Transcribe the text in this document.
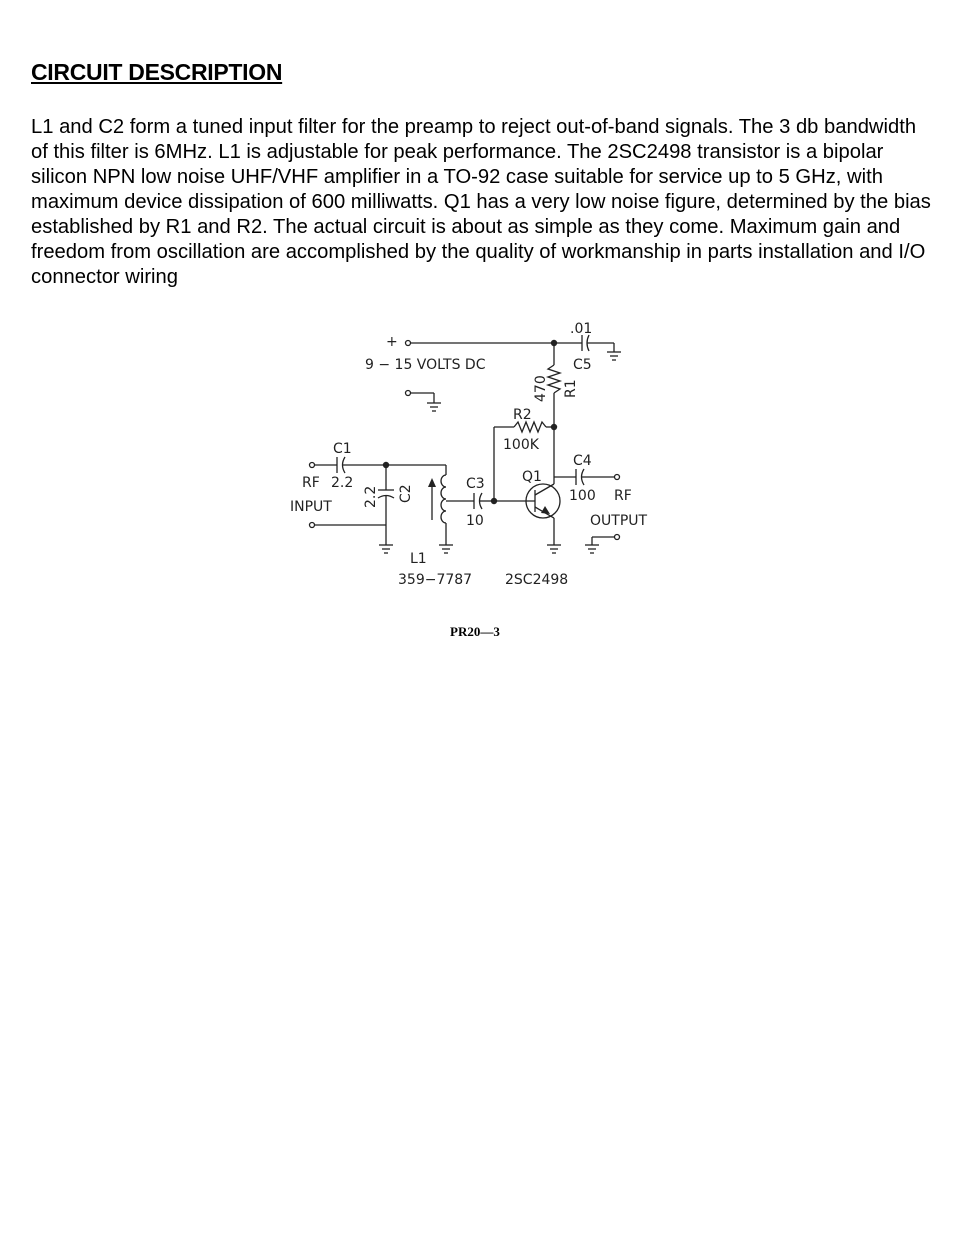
CIRCUIT DESCRIPTION

L1 and C2 form a tuned input filter for the preamp to reject out-of-band signals. The 3 db bandwidth of this filter is 6MHz. L1 is adjustable for peak performance. The 2SC2498 transistor is a bipolar silicon NPN low noise UHF/VHF amplifier in a TO-92 case suitable for service up to 5 GHz, with maximum device dissipation of 600 milliwatts. Q1 has a very low noise figure, determined by the bias established by R1 and R2. The actual circuit is about as simple as they come. Maximum gain and freedom from oscillation are accomplished by the quality of workmanship in parts installation and I/O connector wiring

+
9 − 15 VOLTS DC
.01
C5
470 R1
R2
100K
C1
RF 2.2
INPUT 2.2 C2
C3
10
Q1
C4
100 RF
OUTPUT
L1
359−7787 2SC2498
PR20—3
